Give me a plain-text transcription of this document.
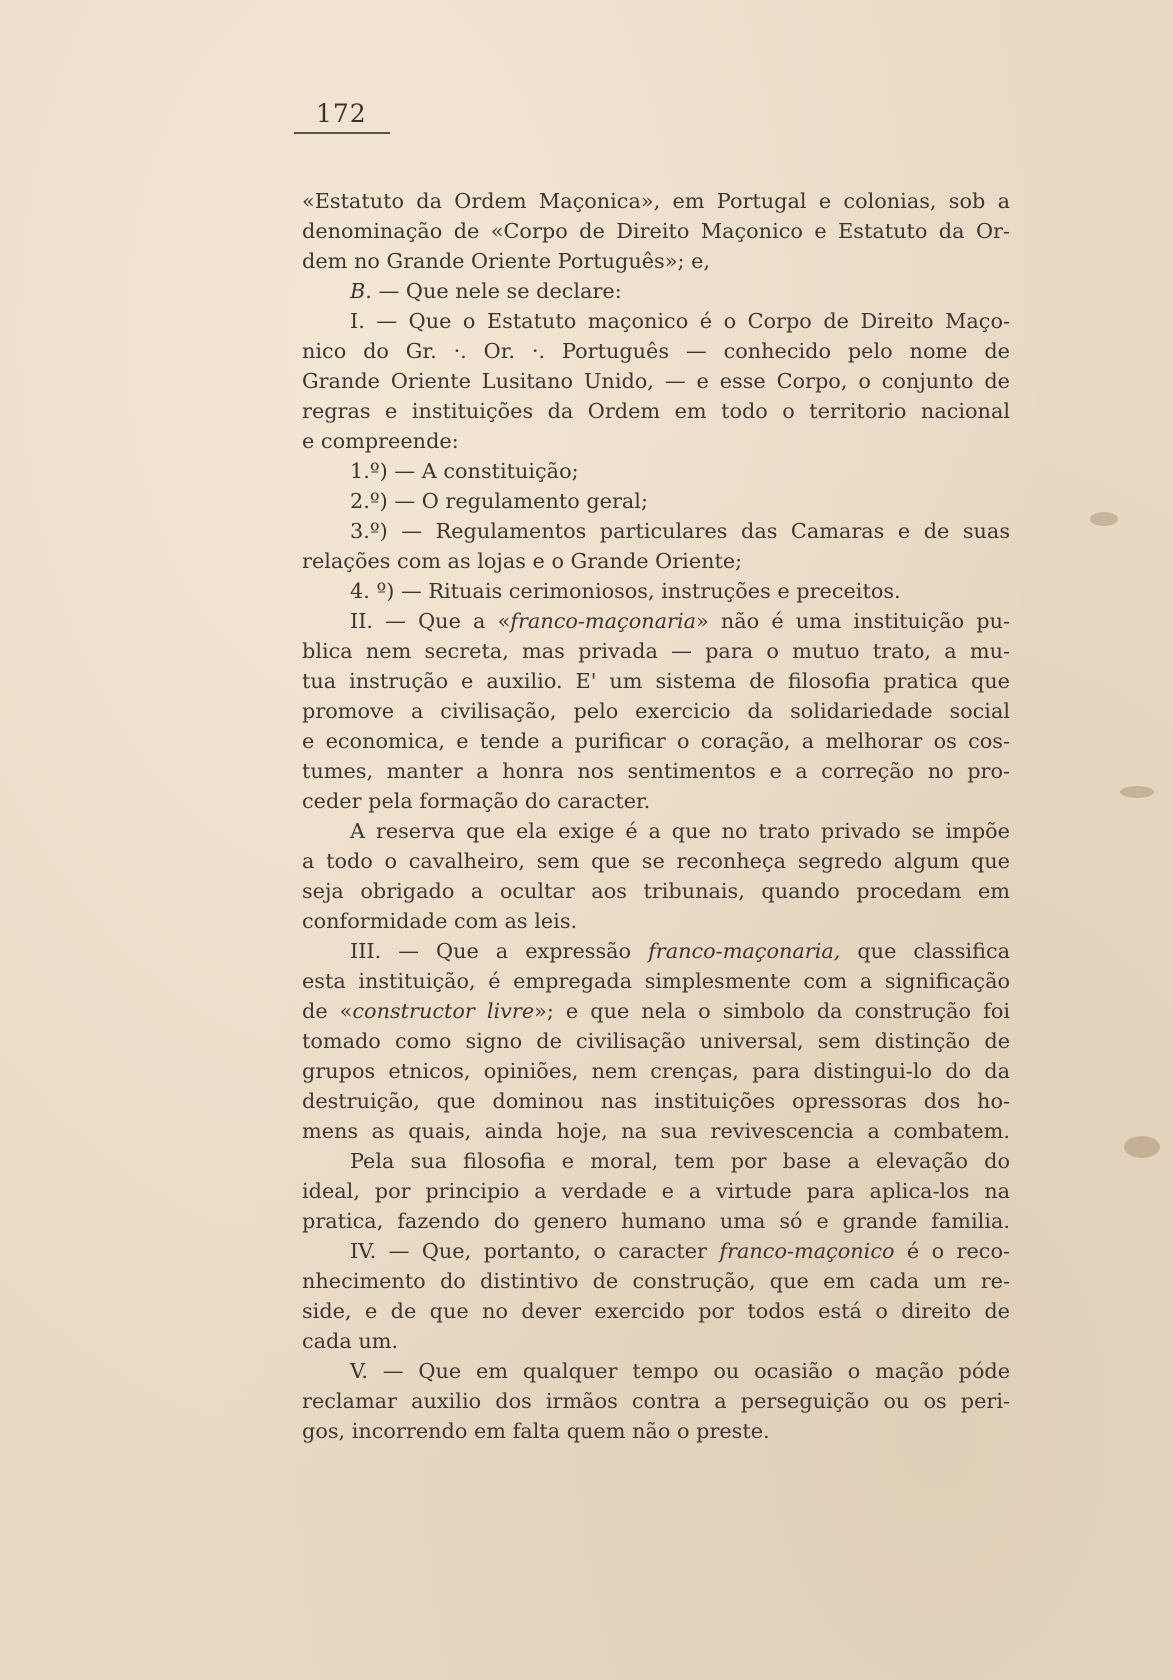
172
«Estatuto da Ordem Maçonica», em Portugal e colonias, sob a
denominação de «Corpo de Direito Maçonico e Estatuto da Or-
dem no Grande Oriente Português»; e,
B. — Que nele se declare:
I. — Que o Estatuto maçonico é o Corpo de Direito Maço-
nico do Gr. ·. Or. ·. Português — conhecido pelo nome de
Grande Oriente Lusitano Unido, — e esse Corpo, o conjunto de
regras e instituições da Ordem em todo o territorio nacional
e compreende:
1.º) — A constituição;
2.º) — O regulamento geral;
3.º) — Regulamentos particulares das Camaras e de suas
relações com as lojas e o Grande Oriente;
4. º) — Rituais cerimoniosos, instruções e preceitos.
II. — Que a «franco-maçonaria» não é uma instituição pu-
blica nem secreta, mas privada — para o mutuo trato, a mu-
tua instrução e auxilio. E' um sistema de filosofia pratica que
promove a civilisação, pelo exercicio da solidariedade social
e economica, e tende a purificar o coração, a melhorar os cos-
tumes, manter a honra nos sentimentos e a correção no pro-
ceder pela formação do caracter.
A reserva que ela exige é a que no trato privado se impõe
a todo o cavalheiro, sem que se reconheça segredo algum que
seja obrigado a ocultar aos tribunais, quando procedam em
conformidade com as leis.
III. — Que a expressão franco-maçonaria, que classifica
esta instituição, é empregada simplesmente com a significação
de «constructor livre»; e que nela o simbolo da construção foi
tomado como signo de civilisação universal, sem distinção de
grupos etnicos, opiniões, nem crenças, para distingui-lo do da
destruição, que dominou nas instituições opressoras dos ho-
mens as quais, ainda hoje, na sua revivescencia a combatem.
Pela sua filosofia e moral, tem por base a elevação do
ideal, por principio a verdade e a virtude para aplica-los na
pratica, fazendo do genero humano uma só e grande familia.
IV. — Que, portanto, o caracter franco-maçonico é o reco-
nhecimento do distintivo de construção, que em cada um re-
side, e de que no dever exercido por todos está o direito de
cada um.
V. — Que em qualquer tempo ou ocasião o mação póde
reclamar auxilio dos irmãos contra a perseguição ou os peri-
gos, incorrendo em falta quem não o preste.
